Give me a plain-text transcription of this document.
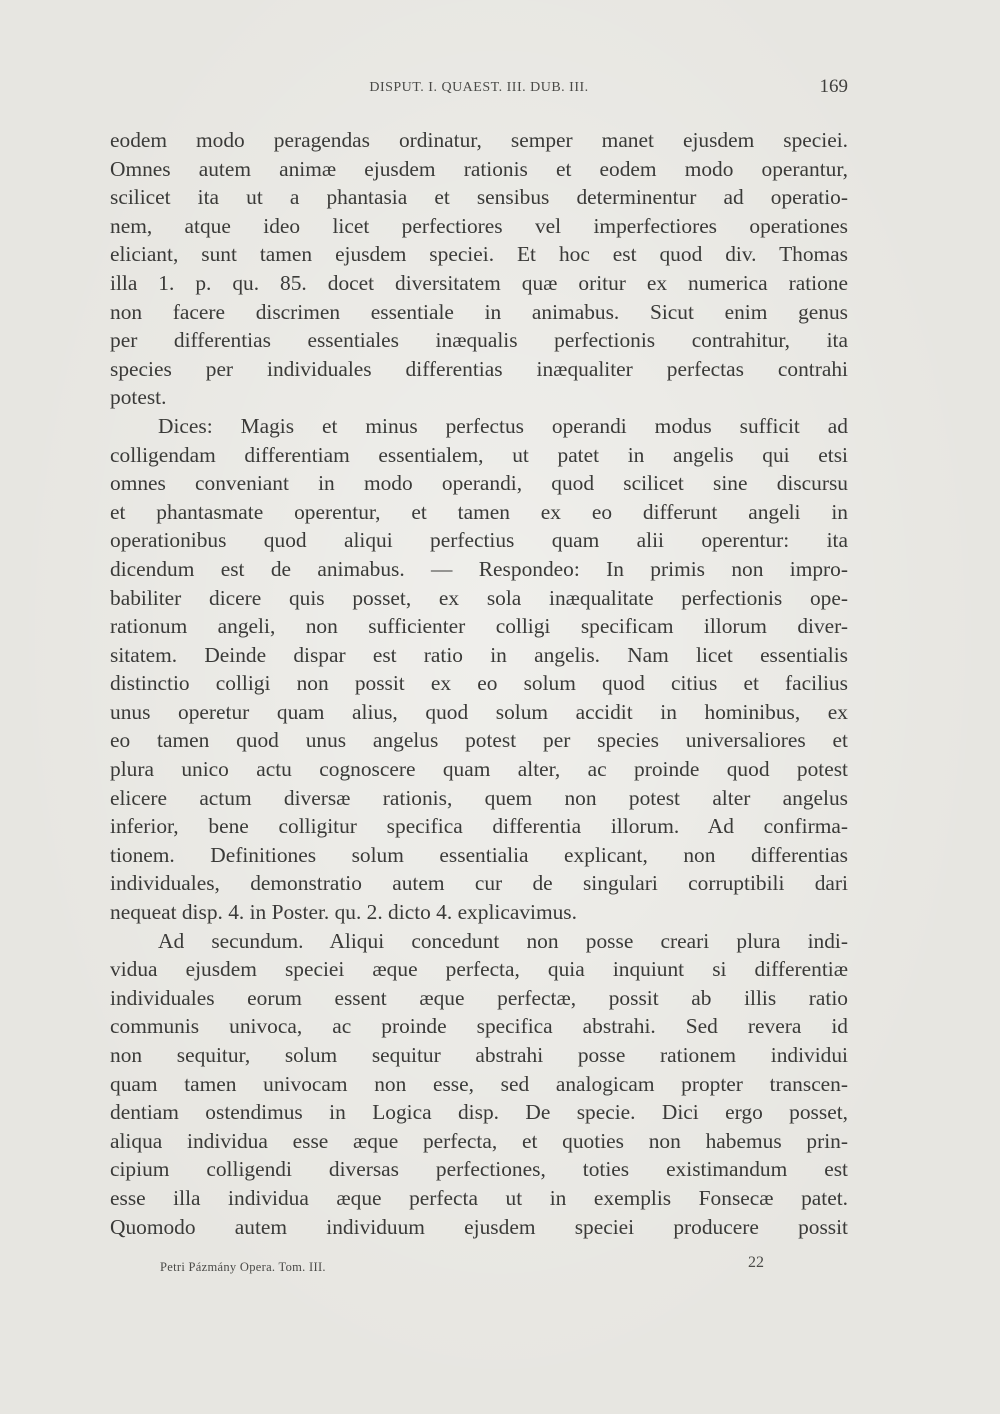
DISPUT. I. QUAEST. III. DUB. III.	169
eodem modo peragendas ordinatur, semper manet ejusdem speciei.
Omnes autem animæ ejusdem rationis et eodem modo operantur,
scilicet ita ut a phantasia et sensibus determinentur ad operatio-
nem, atque ideo licet perfectiores vel imperfectiores operationes
eliciant, sunt tamen ejusdem speciei. Et hoc est quod div. Thomas
illa 1. p. qu. 85. docet diversitatem quæ oritur ex numerica ratione
non facere discrimen essentiale in animabus. Sicut enim genus
per differentias essentiales inæqualis perfectionis contrahitur, ita
species per individuales differentias inæqualiter perfectas contrahi
potest.
Dices: Magis et minus perfectus operandi modus sufficit ad
colligendam differentiam essentialem, ut patet in angelis qui etsi
omnes conveniant in modo operandi, quod scilicet sine discursu
et phantasmate operentur, et tamen ex eo differunt angeli in
operationibus quod aliqui perfectius quam alii operentur: ita
dicendum est de animabus. — Respondeo: In primis non impro-
babiliter dicere quis posset, ex sola inæqualitate perfectionis ope-
rationum angeli, non sufficienter colligi specificam illorum diver-
sitatem. Deinde dispar est ratio in angelis. Nam licet essentialis
distinctio colligi non possit ex eo solum quod citius et facilius
unus operetur quam alius, quod solum accidit in hominibus, ex
eo tamen quod unus angelus potest per species universaliores et
plura unico actu cognoscere quam alter, ac proinde quod potest
elicere actum diversæ rationis, quem non potest alter angelus
inferior, bene colligitur specifica differentia illorum. Ad confirma-
tionem. Definitiones solum essentialia explicant, non differentias
individuales, demonstratio autem cur de singulari corruptibili dari
nequeat disp. 4. in Poster. qu. 2. dicto 4. explicavimus.
Ad secundum. Aliqui concedunt non posse creari plura indi-
vidua ejusdem speciei æque perfecta, quia inquiunt si differentiæ
individuales eorum essent æque perfectæ, possit ab illis ratio
communis univoca, ac proinde specifica abstrahi. Sed revera id
non sequitur, solum sequitur abstrahi posse rationem individui
quam tamen univocam non esse, sed analogicam propter transcen-
dentiam ostendimus in Logica disp. De specie. Dici ergo posset,
aliqua individua esse æque perfecta, et quoties non habemus prin-
cipium colligendi diversas perfectiones, toties existimandum est
esse illa individua æque perfecta ut in exemplis Fonsecæ patet.
Quomodo autem individuum ejusdem speciei producere possit
Petri Pázmány Opera. Tom. III.	22
